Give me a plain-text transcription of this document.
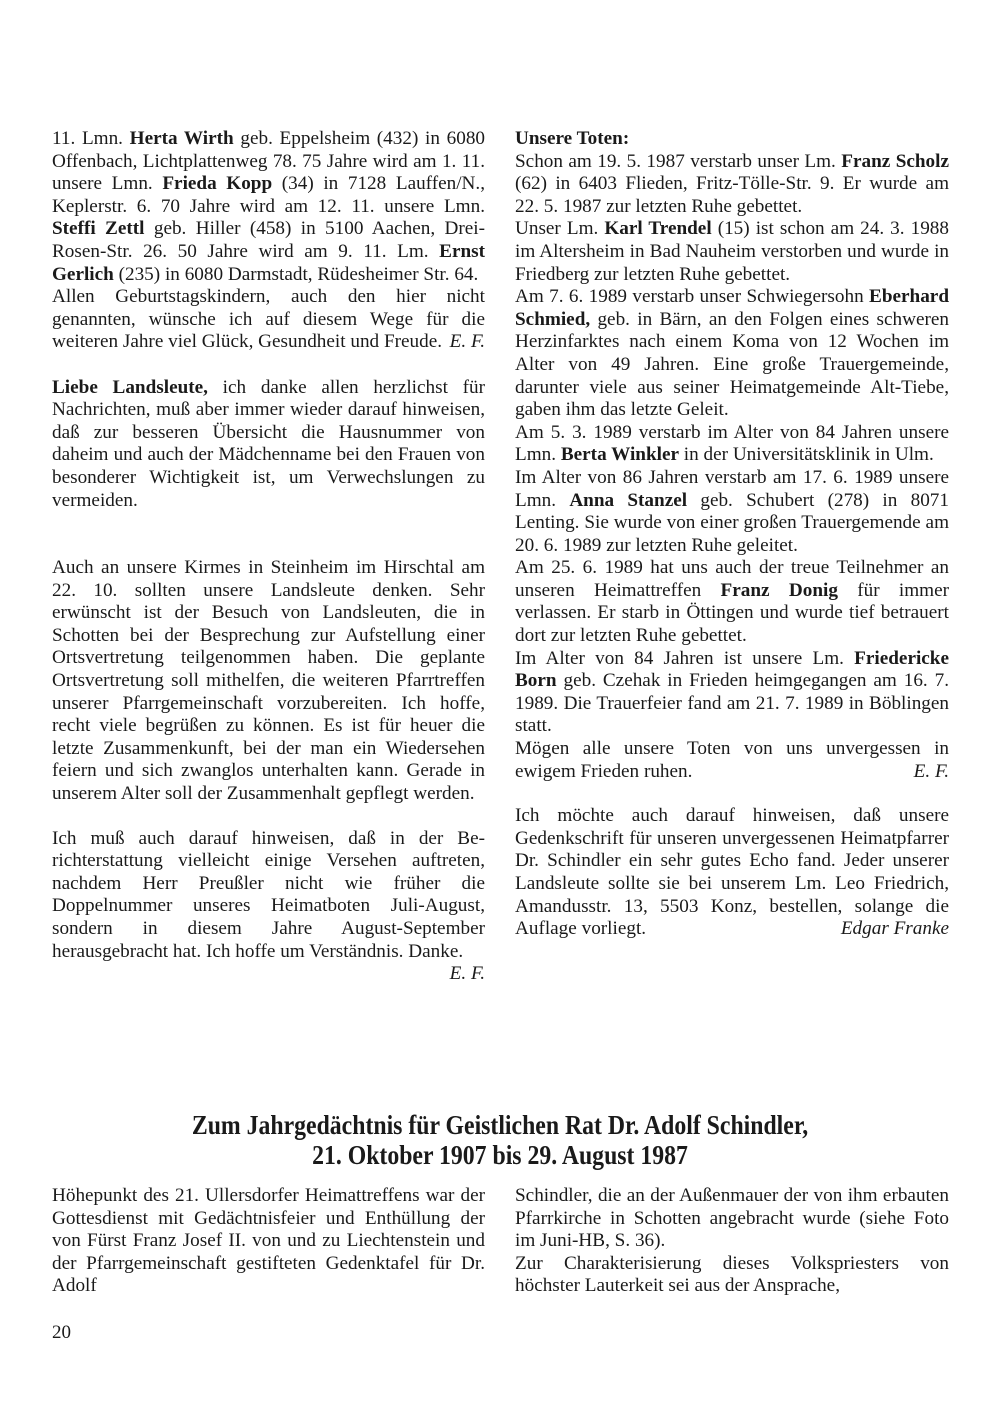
11. Lmn. Herta Wirth geb. Eppelsheim (432) in 6080 Offenbach, Lichtplattenweg 78. 75 Jahre wird am 1. 11. unsere Lmn. Frieda Kopp (34) in 7128 Lauffen/N., Keplerstr. 6. 70 Jahre wird am 12. 11. unsere Lmn. Steffi Zettl geb. Hiller (458) in 5100 Aachen, Drei-Rosen-Str. 26. 50 Jahre wird am 9. 11. Lm. Ernst Gerlich (235) in 6080 Darmstadt, Rüdesheimer Str. 64.

Allen Geburtstagskindern, auch den hier nicht genannten, wünsche ich auf diesem Wege für die weiteren Jahre viel Glück, Gesundheit und Freude. E. F.

Liebe Landsleute, ich danke allen herzlichst für Nachrichten, muß aber immer wieder darauf hinweisen, daß zur besseren Übersicht die Hausnummer von daheim und auch der Mädchenname bei den Frauen von besonderer Wichtigkeit ist, um Verwechslungen zu vermeiden.

Auch an unsere Kirmes in Steinheim im Hirschtal am 22. 10. sollten unsere Landsleute denken. Sehr erwünscht ist der Besuch von Landsleuten, die in Schotten bei der Besprechung zur Aufstellung einer Ortsvertretung teilgenommen haben. Die geplante Ortsvertretung soll mithelfen, die weiteren Pfarrtreffen unserer Pfarrgemeinschaft vorzubereiten. Ich hoffe, recht viele begrüßen zu können. Es ist für heuer die letzte Zusammenkunft, bei der man ein Wiedersehen feiern und sich zwanglos unterhalten kann. Gerade in unserem Alter soll der Zusammenhalt gepflegt werden.

Ich muß auch darauf hinweisen, daß in der Berichterstattung vielleicht einige Versehen auftreten, nachdem Herr Preußler nicht wie früher die Doppelnummer unseres Heimatboten Juli-August, sondern in diesem Jahre August-September herausgebracht hat. Ich hoffe um Verständnis. Danke.
E. F.

Unsere Toten:

Schon am 19. 5. 1987 verstarb unser Lm. Franz Scholz (62) in 6403 Flieden, Fritz-Tölle-Str. 9. Er wurde am 22. 5. 1987 zur letzten Ruhe gebettet.

Unser Lm. Karl Trendel (15) ist schon am 24. 3. 1988 im Altersheim in Bad Nauheim verstorben und wurde in Friedberg zur letzten Ruhe gebettet.

Am 7. 6. 1989 verstarb unser Schwiegersohn Eberhard Schmied, geb. in Bärn, an den Folgen eines schweren Herzinfarktes nach einem Koma von 12 Wochen im Alter von 49 Jahren. Eine große Trauergemeinde, darunter viele aus seiner Heimatgemeinde Alt-Tiebe, gaben ihm das letzte Geleit.

Am 5. 3. 1989 verstarb im Alter von 84 Jahren unsere Lmn. Berta Winkler in der Universitätsklinik in Ulm.

Im Alter von 86 Jahren verstarb am 17. 6. 1989 unsere Lmn. Anna Stanzel geb. Schubert (278) in 8071 Lenting. Sie wurde von einer großen Trauergemende am 20. 6. 1989 zur letzten Ruhe geleitet.

Am 25. 6. 1989 hat uns auch der treue Teilnehmer an unseren Heimattreffen Franz Donig für immer verlassen. Er starb in Öttingen und wurde tief betrauert dort zur letzten Ruhe gebettet.

Im Alter von 84 Jahren ist unsere Lm. Friedericke Born geb. Czehak in Frieden heimgegangen am 16. 7. 1989. Die Trauerfeier fand am 21. 7. 1989 in Böblingen statt.

Mögen alle unsere Toten von uns unvergessen in ewigem Frieden ruhen.	E. F.

Ich möchte auch darauf hinweisen, daß unsere Gedenkschrift für unseren unvergessenen Heimatpfarrer Dr. Schindler ein sehr gutes Echo fand. Jeder unserer Landsleute sollte sie bei unserem Lm. Leo Friedrich, Amandusstr. 13, 5503 Konz, bestellen, solange die Auflage vorliegt.	Edgar Franke

Zum Jahrgedächtnis für Geistlichen Rat Dr. Adolf Schindler,
21. Oktober 1907 bis 29. August 1987

Höhepunkt des 21. Ullersdorfer Heimattreffens war der Gottesdienst mit Gedächtnisfeier und Enthüllung der von Fürst Franz Josef II. von und zu Liechtenstein und der Pfarrgemeinschaft gestifteten Gedenktafel für Dr. Adolf

Schindler, die an der Außenmauer der von ihm erbauten Pfarrkirche in Schotten angebracht wurde (siehe Foto im Juni-HB, S. 36).

Zur Charakterisierung dieses Volkspriesters von höchster Lauterkeit sei aus der Ansprache,

20
